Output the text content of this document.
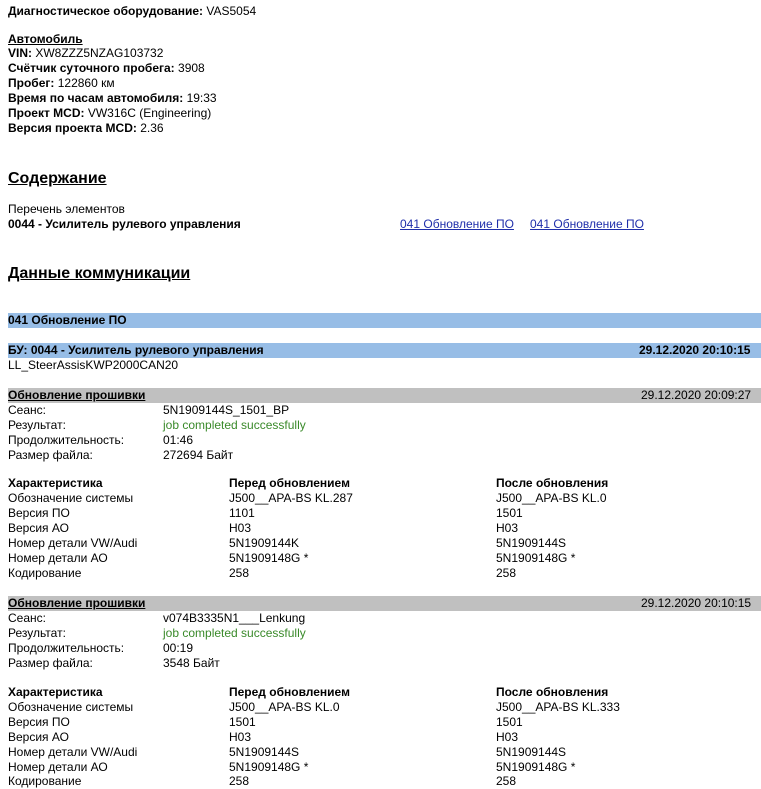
Диагностическое оборудование: VAS5054
Автомобиль
VIN: XW8ZZZ5NZAG103732
Счётчик суточного пробега: 3908
Пробег: 122860 км
Время по часам автомобиля: 19:33
Проект MCD: VW316C (Engineering)
Версия проекта MCD: 2.36
Содержание
Перечень элементов
0044 - Усилитель рулевого управления	041 Обновление ПО 041 Обновление ПО
Данные коммуникации
041 Обновление ПО
БУ: 0044 - Усилитель рулевого управления	29.12.2020 20:10:15
LL_SteerAssisKWP2000CAN20
Обновление прошивки	29.12.2020 20:09:27
Сеанс:	5N1909144S_1501_BP
Результат:	job completed successfully
Продолжительность:	01:46
Размер файла:	272694 Байт
Характеристика	Перед обновлением	После обновления
Обозначение системы	J500__APA-BS KL.287	J500__APA-BS KL.0
Версия ПО	1101	1501
Версия АО	H03	H03
Номер детали VW/Audi	5N1909144K	5N1909144S
Номер детали АО	5N1909148G *	5N1909148G *
Кодирование	258	258
Обновление прошивки	29.12.2020 20:10:15
Сеанс:	v074B3335N1___Lenkung
Результат:	job completed successfully
Продолжительность:	00:19
Размер файла:	3548 Байт
Характеристика	Перед обновлением	После обновления
Обозначение системы	J500__APA-BS KL.0	J500__APA-BS KL.333
Версия ПО	1501	1501
Версия АО	H03	H03
Номер детали VW/Audi	5N1909144S	5N1909144S
Номер детали АО	5N1909148G *	5N1909148G *
Кодирование	258	258
